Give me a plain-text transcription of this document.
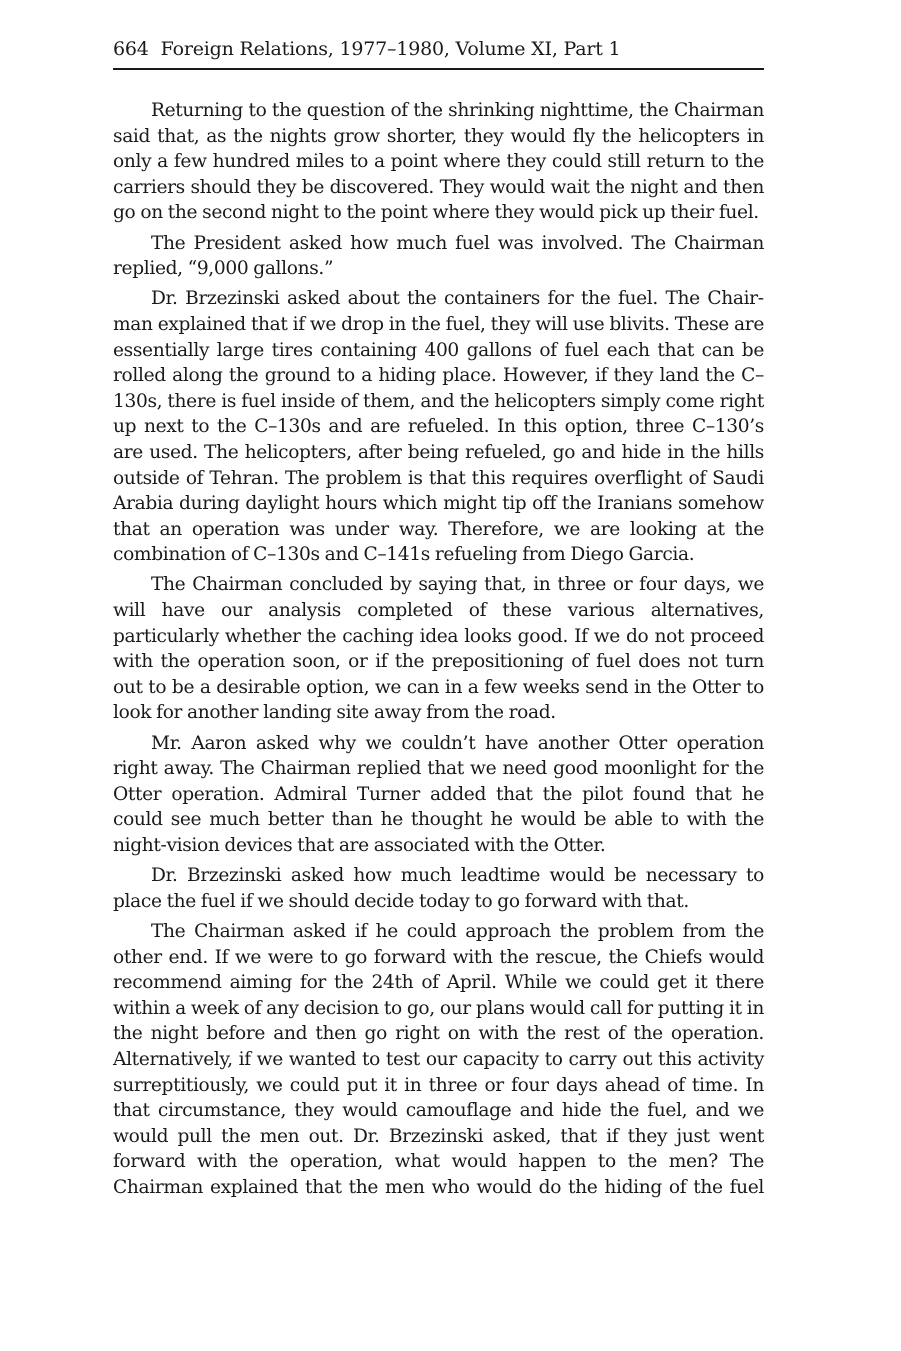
664 Foreign Relations, 1977–1980, Volume XI, Part 1

Returning to the question of the shrinking nighttime, the Chairman said that, as the nights grow shorter, they would fly the helicopters in only a few hundred miles to a point where they could still return to the carriers should they be discovered. They would wait the night and then go on the second night to the point where they would pick up their fuel.

The President asked how much fuel was involved. The Chairman replied, “9,000 gallons.”

Dr. Brzezinski asked about the containers for the fuel. The Chairman explained that if we drop in the fuel, they will use blivits. These are essentially large tires containing 400 gallons of fuel each that can be rolled along the ground to a hiding place. However, if they land the C–130s, there is fuel inside of them, and the helicopters simply come right up next to the C–130s and are refueled. In this option, three C–130’s are used. The helicopters, after being refueled, go and hide in the hills outside of Tehran. The problem is that this requires overflight of Saudi Arabia during daylight hours which might tip off the Iranians somehow that an operation was under way. Therefore, we are looking at the combination of C–130s and C–141s refueling from Diego Garcia.

The Chairman concluded by saying that, in three or four days, we will have our analysis completed of these various alternatives, particularly whether the caching idea looks good. If we do not proceed with the operation soon, or if the prepositioning of fuel does not turn out to be a desirable option, we can in a few weeks send in the Otter to look for another landing site away from the road.

Mr. Aaron asked why we couldn’t have another Otter operation right away. The Chairman replied that we need good moonlight for the Otter operation. Admiral Turner added that the pilot found that he could see much better than he thought he would be able to with the night-vision devices that are associated with the Otter.

Dr. Brzezinski asked how much leadtime would be necessary to place the fuel if we should decide today to go forward with that.

The Chairman asked if he could approach the problem from the other end. If we were to go forward with the rescue, the Chiefs would recommend aiming for the 24th of April. While we could get it there within a week of any decision to go, our plans would call for putting it in the night before and then go right on with the rest of the operation. Alternatively, if we wanted to test our capacity to carry out this activity surreptitiously, we could put it in three or four days ahead of time. In that circumstance, they would camouflage and hide the fuel, and we would pull the men out. Dr. Brzezinski asked, that if they just went forward with the operation, what would happen to the men? The Chairman explained that the men who would do the hiding of the fuel
